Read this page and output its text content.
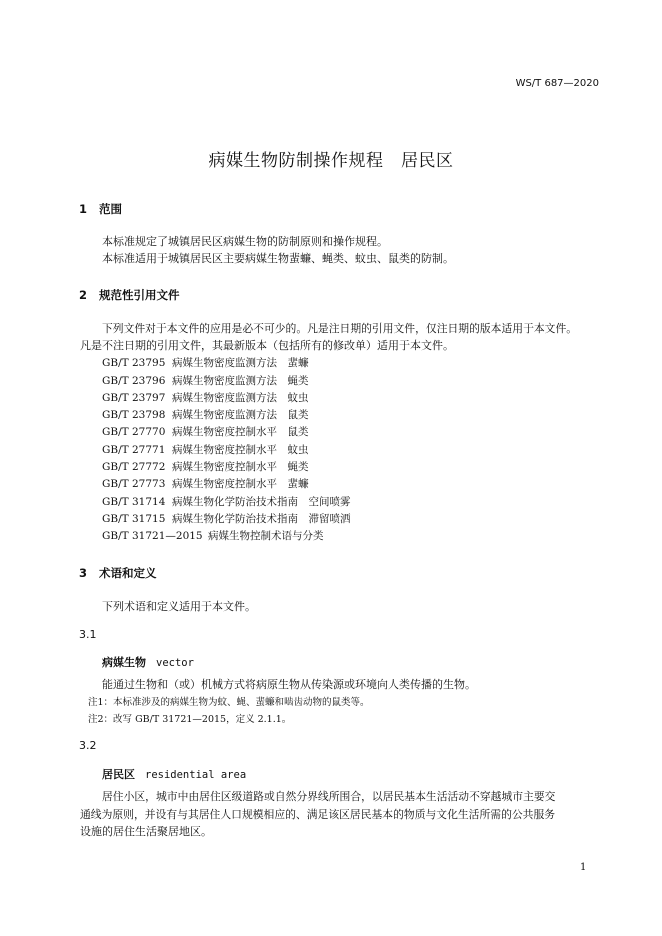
WS/T 687—2020
病媒生物防制操作规程　居民区
1 范围
本标准规定了城镇居民区病媒生物的防制原则和操作规程。
本标准适用于城镇居民区主要病媒生物蜚蠊、蝇类、蚊虫、鼠类的防制。
2 规范性引用文件
下列文件对于本文件的应用是必不可少的。凡是注日期的引用文件，仅注日期的版本适用于本文件。
凡是不注日期的引用文件，其最新版本（包括所有的修改单）适用于本文件。
GB/T 23795 病媒生物密度监测方法　蜚蠊
GB/T 23796 病媒生物密度监测方法　蝇类
GB/T 23797 病媒生物密度监测方法　蚊虫
GB/T 23798 病媒生物密度监测方法　鼠类
GB/T 27770 病媒生物密度控制水平　鼠类
GB/T 27771 病媒生物密度控制水平　蚊虫
GB/T 27772 病媒生物密度控制水平　蝇类
GB/T 27773 病媒生物密度控制水平　蜚蠊
GB/T 31714 病媒生物化学防治技术指南　空间喷雾
GB/T 31715 病媒生物化学防治技术指南　滞留喷洒
GB/T 31721—2015 病媒生物控制术语与分类
3 术语和定义
下列术语和定义适用于本文件。
3.1
病媒生物 vector
能通过生物和（或）机械方式将病原生物从传染源或环境向人类传播的生物。
注1：本标准涉及的病媒生物为蚊、蝇、蜚蠊和啮齿动物的鼠类等。
注2：改写 GB/T 31721—2015，定义 2.1.1。
3.2
居民区 residential area
居住小区，城市中由居住区级道路或自然分界线所围合，以居民基本生活活动不穿越城市主要交
通线为原则，并设有与其居住人口规模相应的、满足该区居民基本的物质与文化生活所需的公共服务
设施的居住生活聚居地区。
1
